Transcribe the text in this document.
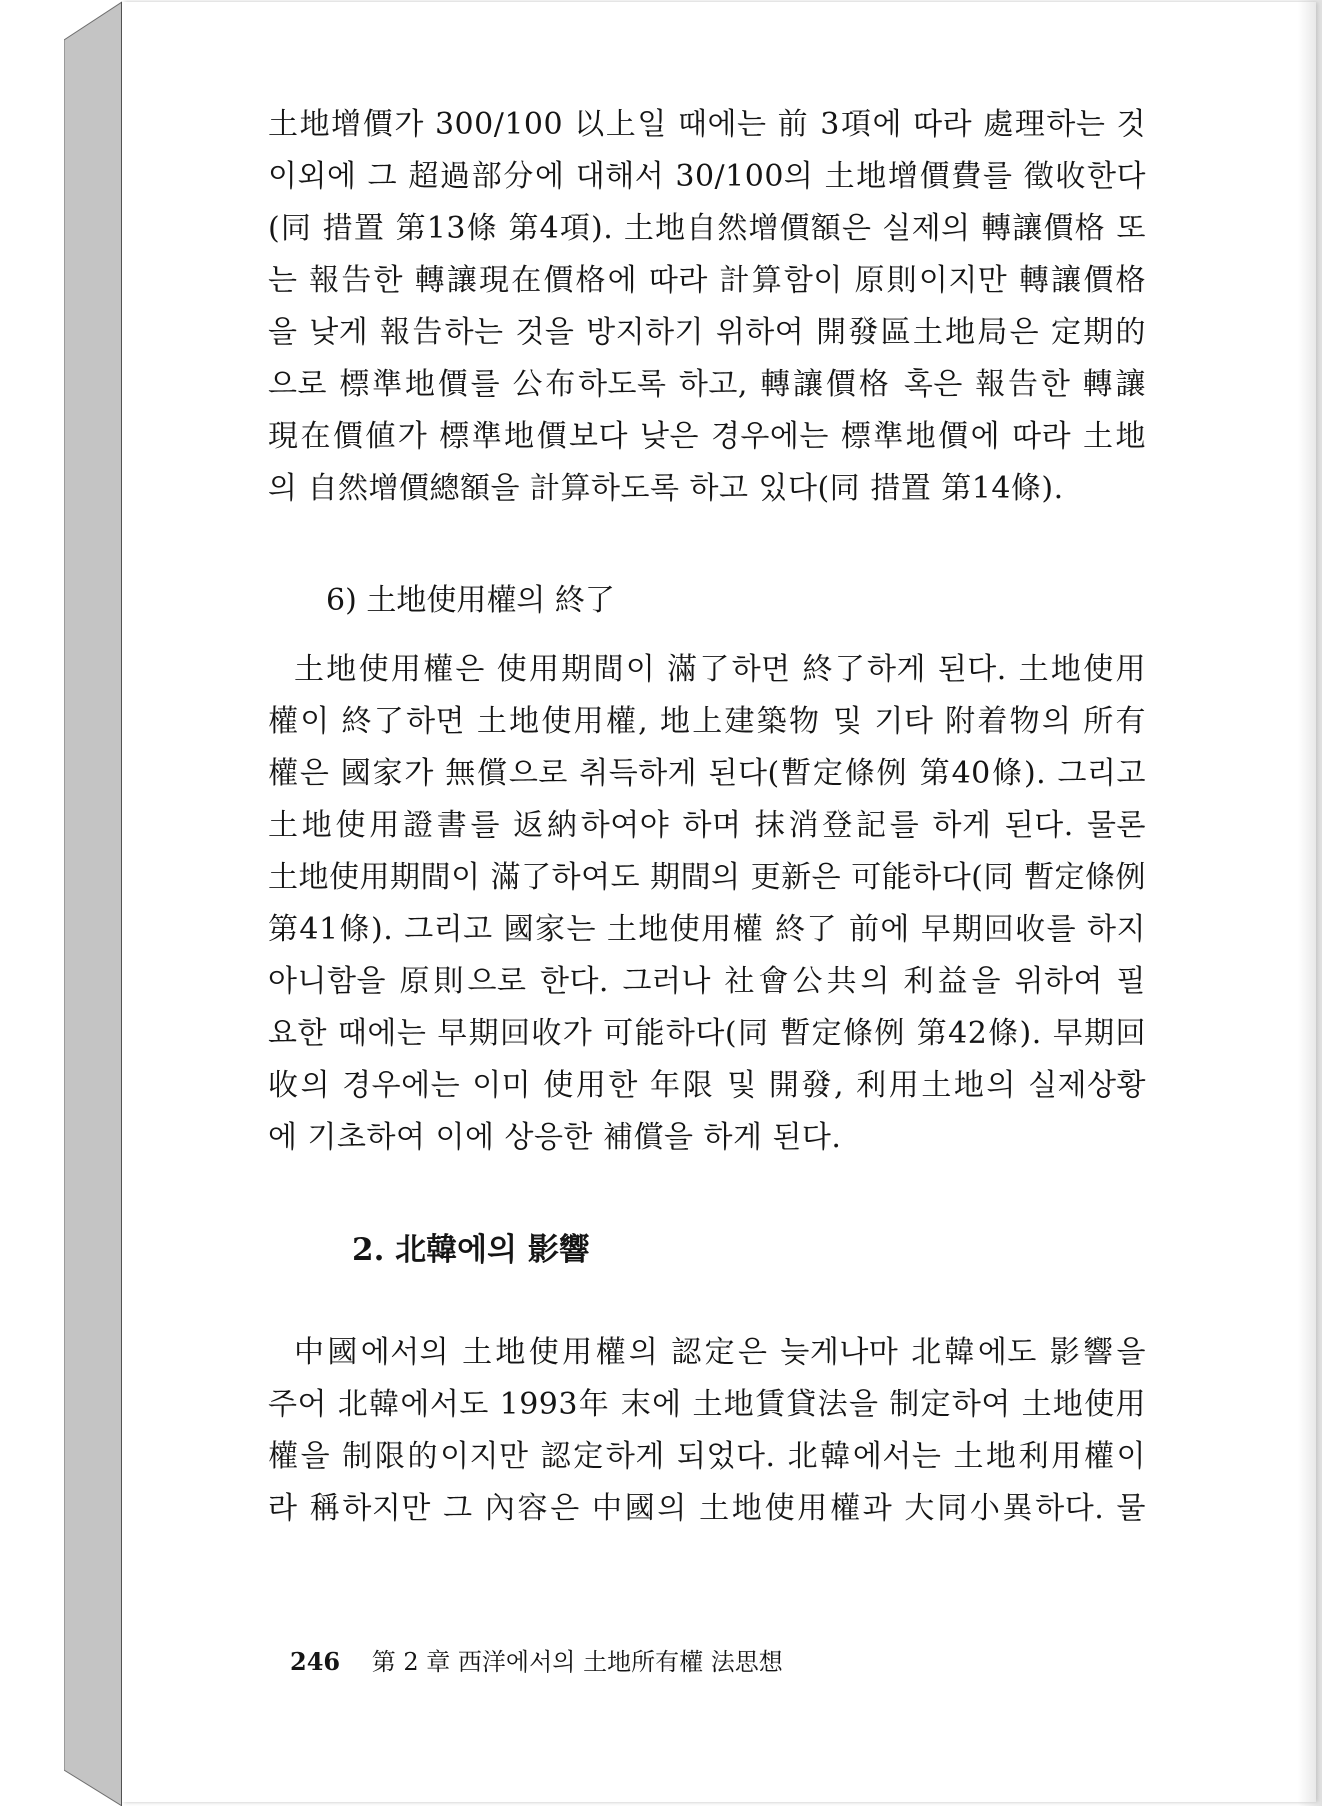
土地增價가 300/100 以上일 때에는 前 3項에 따라 處理하는 것
이외에 그 超過部分에 대해서 30/100의 土地增價費를 徵收한다
(同 措置 第13條 第4項). 土地自然增價額은 실제의 轉讓價格 또
는 報告한 轉讓現在價格에 따라 計算함이 原則이지만 轉讓價格
을 낮게 報告하는 것을 방지하기 위하여 開發區土地局은 定期的
으로 標準地價를 公布하도록 하고, 轉讓價格 혹은 報告한 轉讓
現在價値가 標準地價보다 낮은 경우에는 標準地價에 따라 土地
의 自然增價總額을 計算하도록 하고 있다(同 措置 第14條).
6) 土地使用權의 終了
土地使用權은 使用期間이 滿了하면 終了하게 된다. 土地使用
權이 終了하면 土地使用權, 地上建築物 및 기타 附着物의 所有
權은 國家가 無償으로 취득하게 된다(暫定條例 第40條). 그리고
土地使用證書를 返納하여야 하며 抹消登記를 하게 된다. 물론
土地使用期間이 滿了하여도 期間의 更新은 可能하다(同 暫定條例
第41條). 그리고 國家는 土地使用權 終了 前에 早期回收를 하지
아니함을 原則으로 한다. 그러나 社會公共의 利益을 위하여 필
요한 때에는 早期回收가 可能하다(同 暫定條例 第42條). 早期回
收의 경우에는 이미 使用한 年限 및 開發, 利用土地의 실제상황
에 기초하여 이에 상응한 補償을 하게 된다.
2. 北韓에의 影響
中國에서의 土地使用權의 認定은 늦게나마 北韓에도 影響을
주어 北韓에서도 1993年 末에 土地賃貸法을 制定하여 土地使用
權을 制限的이지만 認定하게 되었다. 北韓에서는 土地利用權이
라 稱하지만 그 內容은 中國의 土地使用權과 大同小異하다. 물
246 第 2 章 西洋에서의 土地所有權 法思想
